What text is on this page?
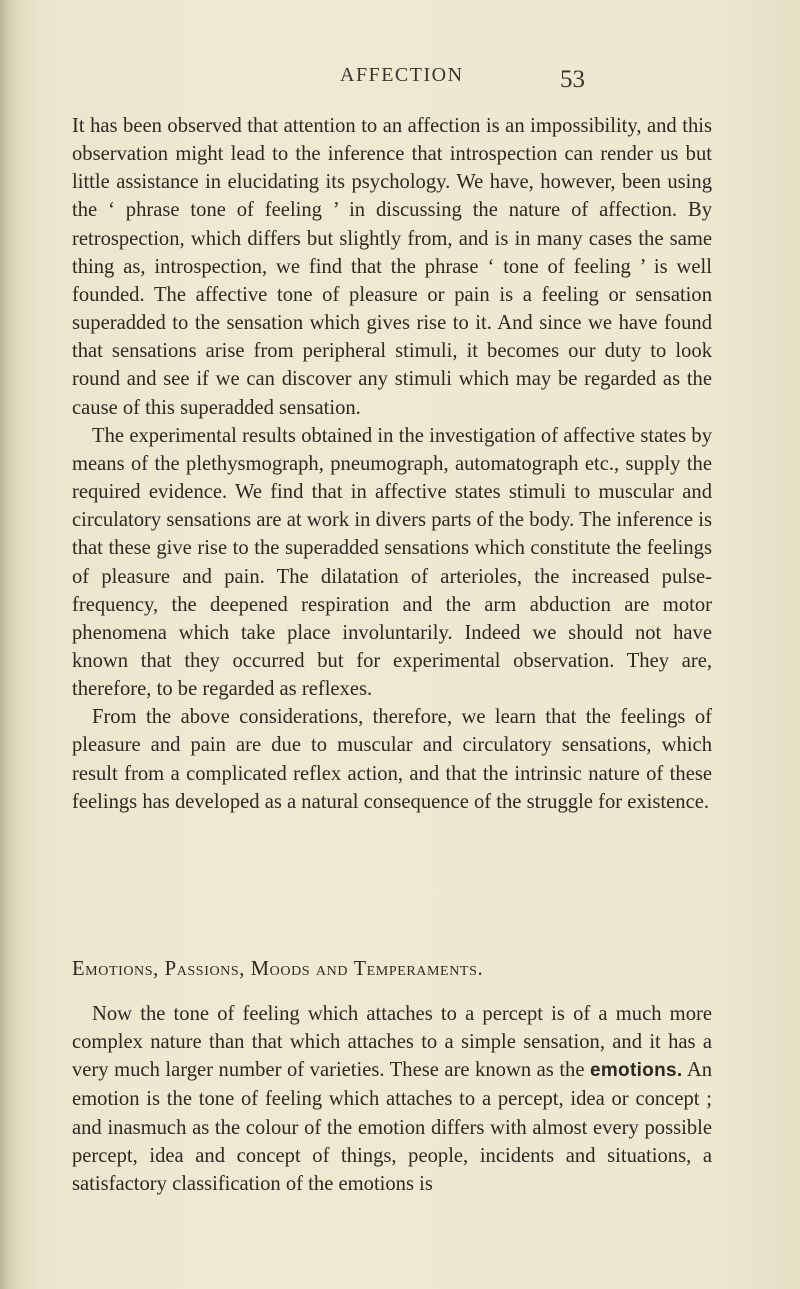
AFFECTION	53

It has been observed that attention to an affection is an impossibility, and this observation might lead to the inference that introspection can render us but little assistance in elucidating its psychology. We have, however, been using the ‘ phrase tone of feeling ’ in discussing the nature of affection. By retrospection, which differs but slightly from, and is in many cases the same thing as, introspection, we find that the phrase ‘ tone of feeling ’ is well founded. The affective tone of pleasure or pain is a feeling or sensation superadded to the sensation which gives rise to it. And since we have found that sensations arise from peripheral stimuli, it becomes our duty to look round and see if we can discover any stimuli which may be regarded as the cause of this superadded sensation.

The experimental results obtained in the investigation of affective states by means of the plethysmograph, pneumograph, automatograph etc., supply the required evidence. We find that in affective states stimuli to muscular and circulatory sensations are at work in divers parts of the body. The inference is that these give rise to the superadded sensations which constitute the feelings of pleasure and pain. The dilatation of arterioles, the increased pulse-frequency, the deepened respiration and the arm abduction are motor phenomena which take place involuntarily. Indeed we should not have known that they occurred but for experimental observation. They are, therefore, to be regarded as reflexes.

From the above considerations, therefore, we learn that the feelings of pleasure and pain are due to muscular and circulatory sensations, which result from a complicated reflex action, and that the intrinsic nature of these feelings has developed as a natural consequence of the struggle for existence.

Emotions, Passions, Moods and Temperaments.

Now the tone of feeling which attaches to a percept is of a much more complex nature than that which attaches to a simple sensation, and it has a very much larger number of varieties. These are known as the emotions. An emotion is the tone of feeling which attaches to a percept, idea or concept ; and inasmuch as the colour of the emotion differs with almost every possible percept, idea and concept of things, people, incidents and situations, a satisfactory classification of the emotions is
